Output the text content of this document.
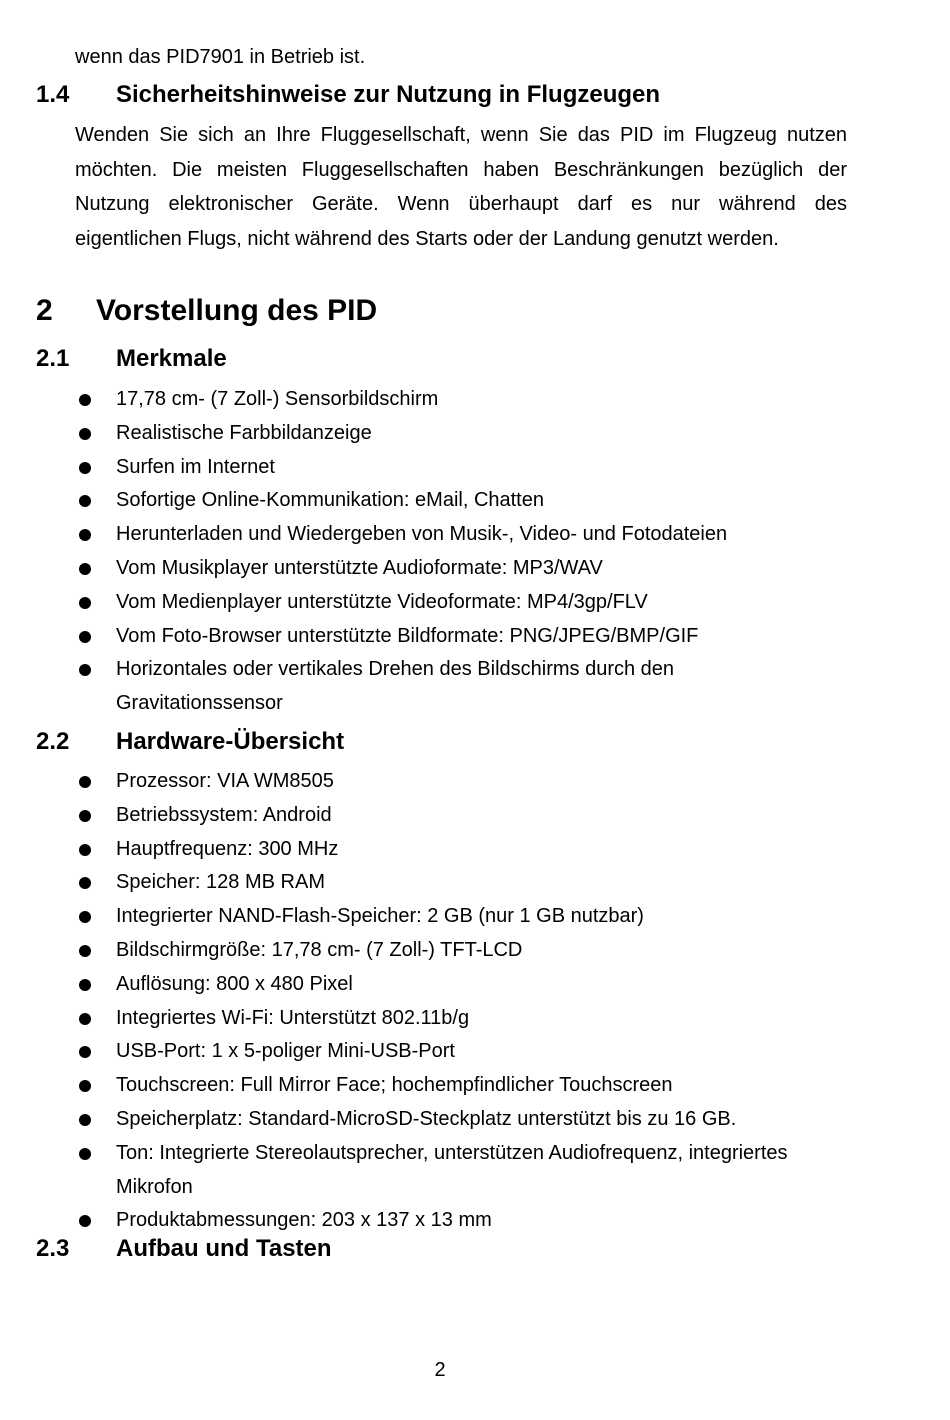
wenn das PID7901 in Betrieb ist.
1.4 Sicherheitshinweise zur Nutzung in Flugzeugen
Wenden Sie sich an Ihre Fluggesellschaft, wenn Sie das PID im Flugzeug nutzen
möchten. Die meisten Fluggesellschaften haben Beschränkungen bezüglich der
Nutzung elektronischer Geräte. Wenn überhaupt darf es nur während des
eigentlichen Flugs, nicht während des Starts oder der Landung genutzt werden.
2 Vorstellung des PID
2.1 Merkmale
17,78 cm- (7 Zoll-) Sensorbildschirm
Realistische Farbbildanzeige
Surfen im Internet
Sofortige Online-Kommunikation: eMail, Chatten
Herunterladen und Wiedergeben von Musik-, Video- und Fotodateien
Vom Musikplayer unterstützte Audioformate: MP3/WAV
Vom Medienplayer unterstützte Videoformate: MP4/3gp/FLV
Vom Foto-Browser unterstützte Bildformate: PNG/JPEG/BMP/GIF
Horizontales oder vertikales Drehen des Bildschirms durch den
Gravitationssensor
2.2 Hardware-Übersicht
Prozessor: VIA WM8505
Betriebssystem: Android
Hauptfrequenz: 300 MHz
Speicher: 128 MB RAM
Integrierter NAND-Flash-Speicher: 2 GB (nur 1 GB nutzbar)
Bildschirmgröße: 17,78 cm- (7 Zoll-) TFT-LCD
Auflösung: 800 x 480 Pixel
Integriertes Wi-Fi: Unterstützt 802.11b/g
USB-Port: 1 x 5-poliger Mini-USB-Port
Touchscreen: Full Mirror Face; hochempfindlicher Touchscreen
Speicherplatz: Standard-MicroSD-Steckplatz unterstützt bis zu 16 GB.
Ton: Integrierte Stereolautsprecher, unterstützen Audiofrequenz, integriertes
Mikrofon
Produktabmessungen: 203 x 137 x 13 mm
2.3 Aufbau und Tasten
2
